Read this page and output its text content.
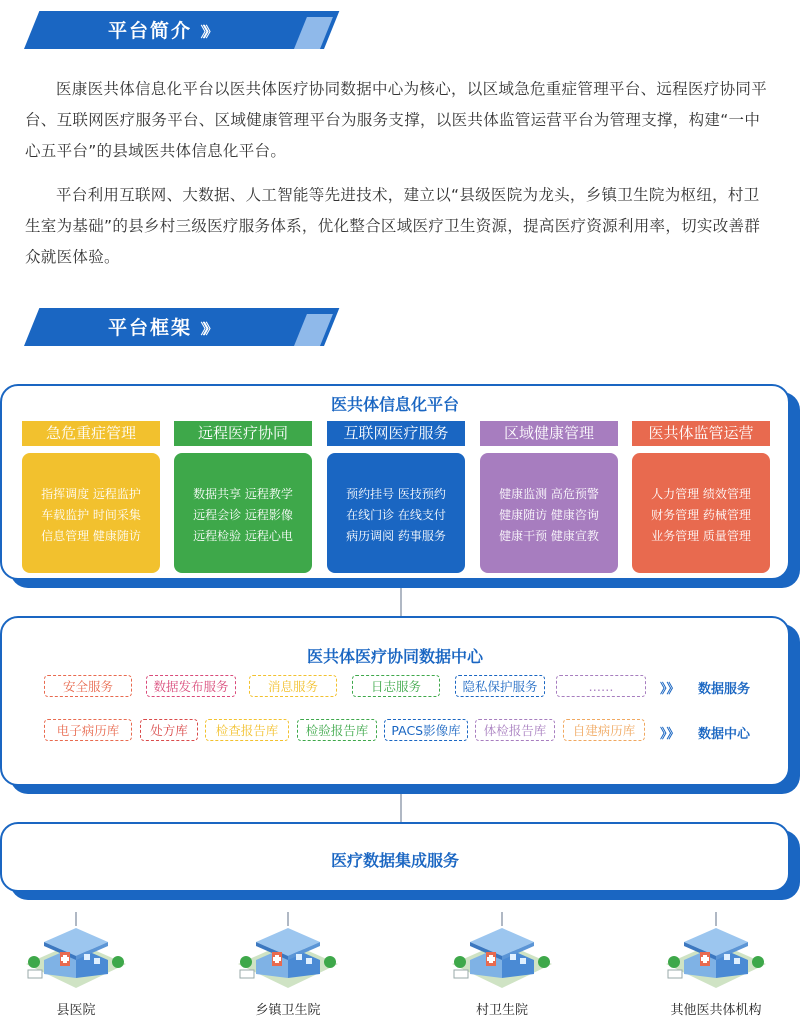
平台简介 》》

医康医共体信息化平台以医共体医疗协同数据中心为核心，以区域急危重症管理平台、远程医疗协同平台、互联网医疗服务平台、区域健康管理平台为服务支撑，以医共体监管运营平台为管理支撑，构建“一中心五平台”的县域医共体信息化平台。

平台利用互联网、大数据、人工智能等先进技术，建立以“县级医院为龙头，乡镇卫生院为枢纽，村卫生室为基础”的县乡村三级医疗服务体系，优化整合区域医疗卫生资源，提高医疗资源利用率，切实改善群众就医体验。

平台框架 》》
医共体信息化平台
急危重症管理
指挥调度 远程监护
车载监护 时间采集
信息管理 健康随访
远程医疗协同
数据共享 远程教学
远程会诊 远程影像
远程检验 远程心电
互联网医疗服务
预约挂号 医技预约
在线门诊 在线支付
病历调阅 药事服务
区域健康管理
健康监测 高危预警
健康随访 健康咨询
健康干预 健康宣教
医共体监管运营
人力管理 绩效管理
财务管理 药械管理
业务管理 质量管理
医共体医疗协同数据中心
安全服务	数据发布服务	消息服务	日志服务	隐私保护服务	……
电子病历库	处方库	检查报告库	检验报告库	PACS影像库	体检报告库	自建病历库
》》 数据服务
》》 数据中心
医疗数据集成服务
县医院	乡镇卫生院	村卫生院	其他医共体机构
